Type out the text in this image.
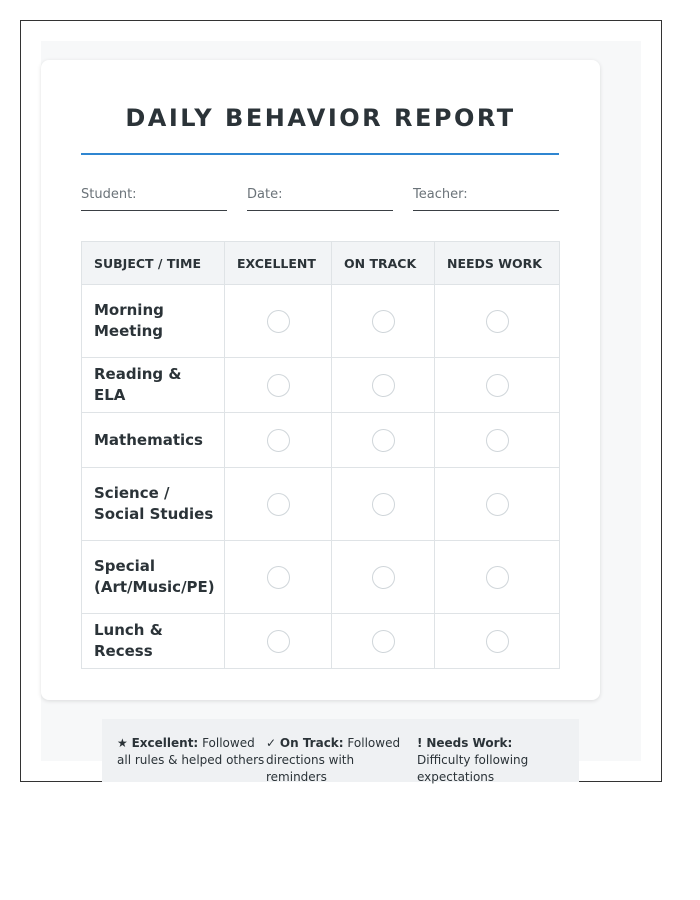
DAILY BEHAVIOR REPORT
Student:	Date:	Teacher:
SUBJECT / TIME	EXCELLENT	ON TRACK	NEEDS WORK
Morning Meeting			
Reading & ELA			
Mathematics			
Science / Social Studies			
Special (Art/Music/PE)			
Lunch & Recess			
★ Excellent: Followed all rules & helped others
✓ On Track: Followed directions with reminders
! Needs Work: Difficulty following expectations
